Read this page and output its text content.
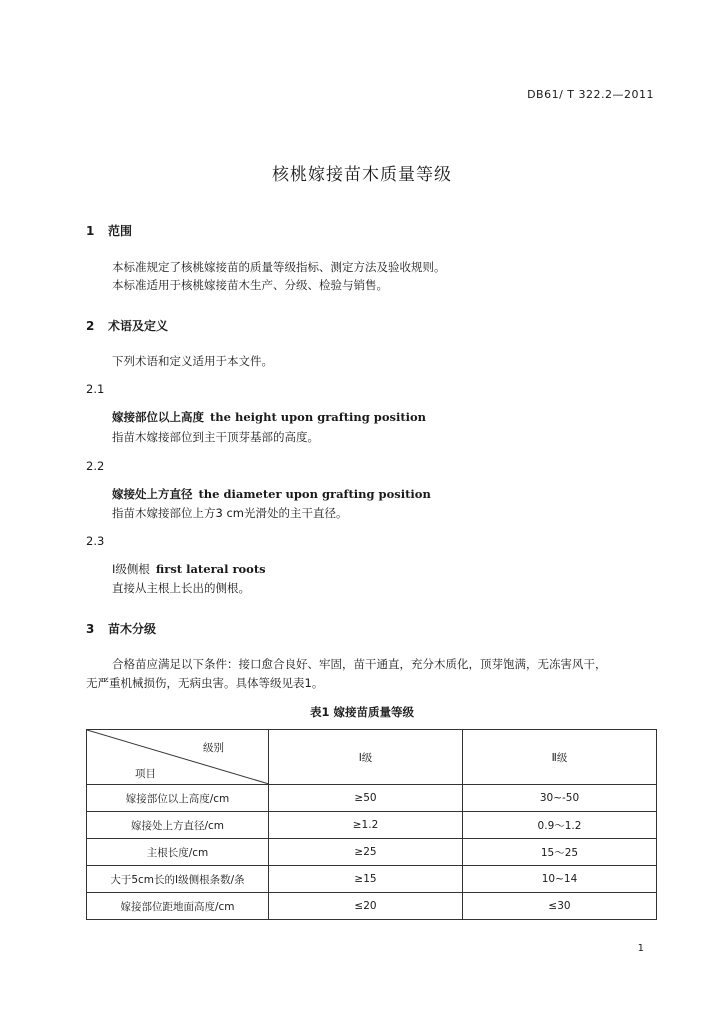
DB61/ T 322.2—2011
核桃嫁接苗木质量等级
1 范围
本标准规定了核桃嫁接苗的质量等级指标、测定方法及验收规则。
本标准适用于核桃嫁接苗木生产、分级、检验与销售。
2 术语及定义
下列术语和定义适用于本文件。
2.1
嫁接部位以上高度 the height upon grafting position
指苗木嫁接部位到主干顶芽基部的高度。
2.2
嫁接处上方直径 the diameter upon grafting position
指苗木嫁接部位上方3 cm光滑处的主干直径。
2.3
Ⅰ级侧根 first lateral roots
直接从主根上长出的侧根。
3 苗木分级
合格苗应满足以下条件：接口愈合良好、牢固，苗干通直，充分木质化，顶芽饱满，无冻害风干，
无严重机械损伤，无病虫害。具体等级见表1。
表1 嫁接苗质量等级
级别
项目	Ⅰ级	Ⅱ级
嫁接部位以上高度/cm	≥50	30~-50
嫁接处上方直径/cm	≥1.2	0.9～1.2
主根长度/cm	≥25	15～25
大于5cm长的Ⅰ级侧根条数/条	≥15	10~14
嫁接部位距地面高度/cm	≤20	≤30
1
